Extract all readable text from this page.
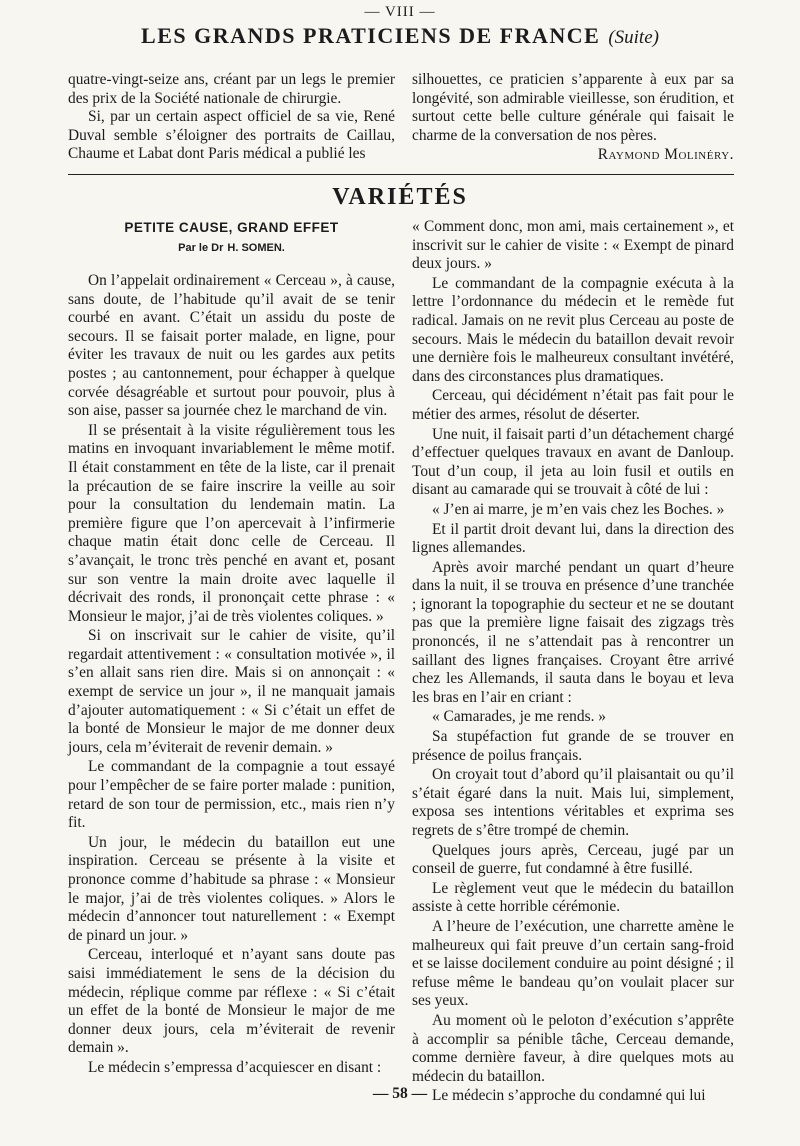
— VIII —
LES GRANDS PRATICIENS DE FRANCE (Suite)

quatre-vingt-seize ans, créant par un legs le premier des prix de la Société nationale de chirurgie.

Si, par un certain aspect officiel de sa vie, René Duval semble s’éloigner des portraits de Caillau, Chaume et Labat dont Paris médical a publié les

silhouettes, ce praticien s’apparente à eux par sa longévité, son admirable vieillesse, son érudition, et surtout cette belle culture générale qui faisait le charme de la conversation de nos pères.

Raymond Molinéry.
VARIÉTÉS
PETITE CAUSE, GRAND EFFET
Par le Dr H. SOMEN.

On l’appelait ordinairement « Cerceau », à cause, sans doute, de l’habitude qu’il avait de se tenir courbé en avant. C’était un assidu du poste de secours. Il se faisait porter malade, en ligne, pour éviter les travaux de nuit ou les gardes aux petits postes ; au cantonnement, pour échapper à quelque corvée désagréable et surtout pour pouvoir, plus à son aise, passer sa journée chez le marchand de vin.

Il se présentait à la visite régulièrement tous les matins en invoquant invariablement le même motif. Il était constamment en tête de la liste, car il prenait la précaution de se faire inscrire la veille au soir pour la consultation du lendemain matin. La première figure que l’on apercevait à l’infirmerie chaque matin était donc celle de Cerceau. Il s’avançait, le tronc très penché en avant et, posant sur son ventre la main droite avec laquelle il décrivait des ronds, il prononçait cette phrase : « Monsieur le major, j’ai de très violentes coliques. »

Si on inscrivait sur le cahier de visite, qu’il regardait attentivement : « consultation motivée », il s’en allait sans rien dire. Mais si on annonçait : « exempt de service un jour », il ne manquait jamais d’ajouter automatiquement : « Si c’était un effet de la bonté de Monsieur le major de me donner deux jours, cela m’éviterait de revenir demain. »

Le commandant de la compagnie a tout essayé pour l’empêcher de se faire porter malade : punition, retard de son tour de permission, etc., mais rien n’y fit.

Un jour, le médecin du bataillon eut une inspiration. Cerceau se présente à la visite et prononce comme d’habitude sa phrase : « Monsieur le major, j’ai de très violentes coliques. » Alors le médecin d’annoncer tout naturellement : « Exempt de pinard un jour. »

Cerceau, interloqué et n’ayant sans doute pas saisi immédiatement le sens de la décision du médecin, réplique comme par réflexe : « Si c’était un effet de la bonté de Monsieur le major de me donner deux jours, cela m’éviterait de revenir demain ».

Le médecin s’empressa d’acquiescer en disant :

« Comment donc, mon ami, mais certainement », et inscrivit sur le cahier de visite : « Exempt de pinard deux jours. »

Le commandant de la compagnie exécuta à la lettre l’ordonnance du médecin et le remède fut radical. Jamais on ne revit plus Cerceau au poste de secours. Mais le médecin du bataillon devait revoir une dernière fois le malheureux consultant invétéré, dans des circonstances plus dramatiques.

Cerceau, qui décidément n’était pas fait pour le métier des armes, résolut de déserter.

Une nuit, il faisait parti d’un détachement chargé d’effectuer quelques travaux en avant de Danloup. Tout d’un coup, il jeta au loin fusil et outils en disant au camarade qui se trouvait à côté de lui :

« J’en ai marre, je m’en vais chez les Boches. »

Et il partit droit devant lui, dans la direction des lignes allemandes.

Après avoir marché pendant un quart d’heure dans la nuit, il se trouva en présence d’une tranchée ; ignorant la topographie du secteur et ne se doutant pas que la première ligne faisait des zigzags très prononcés, il ne s’attendait pas à rencontrer un saillant des lignes françaises. Croyant être arrivé chez les Allemands, il sauta dans le boyau et leva les bras en l’air en criant :

« Camarades, je me rends. »

Sa stupéfaction fut grande de se trouver en présence de poilus français.

On croyait tout d’abord qu’il plaisantait ou qu’il s’était égaré dans la nuit. Mais lui, simplement, exposa ses intentions véritables et exprima ses regrets de s’être trompé de chemin.

Quelques jours après, Cerceau, jugé par un conseil de guerre, fut condamné à être fusillé.

Le règlement veut que le médecin du bataillon assiste à cette horrible cérémonie.

A l’heure de l’exécution, une charrette amène le malheureux qui fait preuve d’un certain sang-froid et se laisse docilement conduire au point désigné ; il refuse même le bandeau qu’on voulait placer sur ses yeux.

Au moment où le peloton d’exécution s’apprête à accomplir sa pénible tâche, Cerceau demande, comme dernière faveur, à dire quelques mots au médecin du bataillon.

Le médecin s’approche du condamné qui lui

— 58 —
